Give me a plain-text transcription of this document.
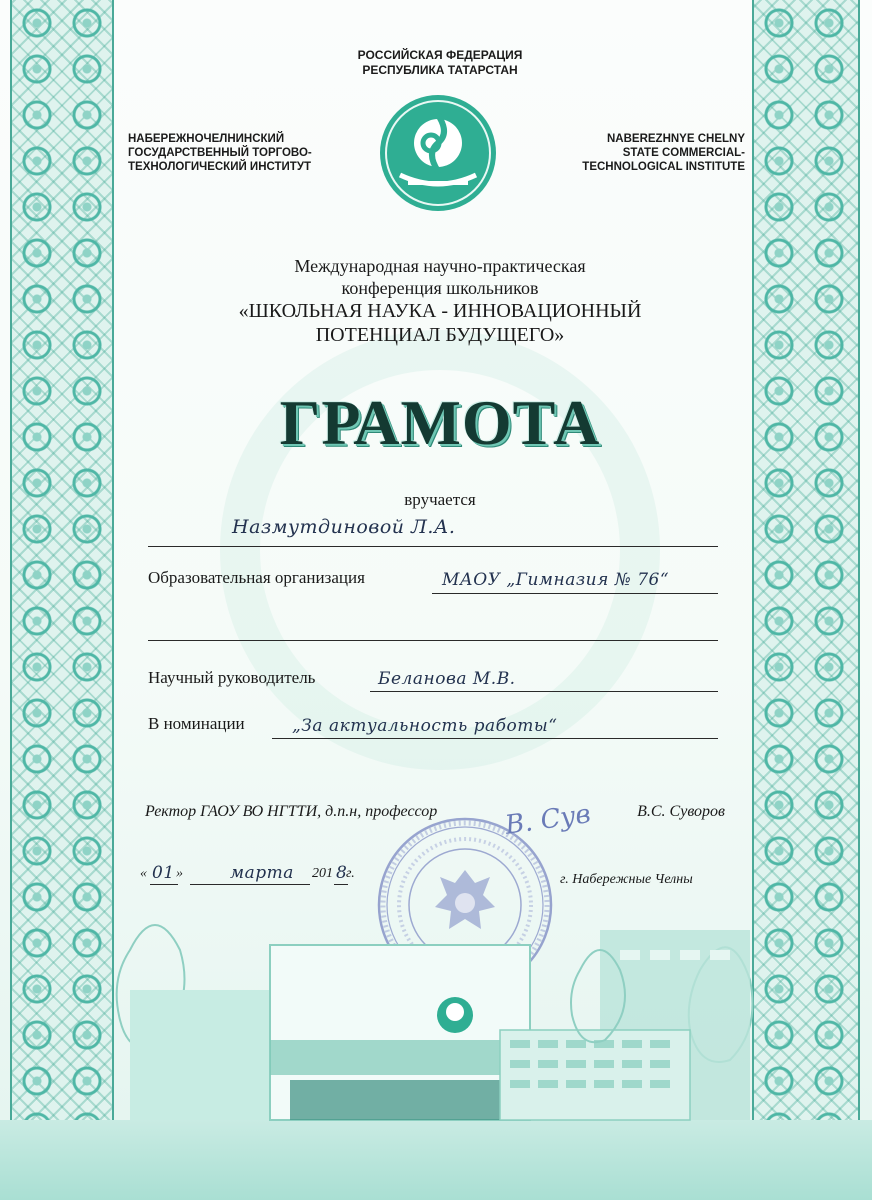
РОССИЙСКАЯ ФЕДЕРАЦИЯ
РЕСПУБЛИКА ТАТАРСТАН
НАБЕРЕЖНОЧЕЛНИНСКИЙ
ГОСУДАРСТВЕННЫЙ ТОРГОВО-
ТЕХНОЛОГИЧЕСКИЙ ИНСТИТУТ
NABEREZHNYE CHELNY
STATE COMMERCIAL-
TECHNOLOGICAL INSTITUTE
Международная научно-практическая
конференция школьников
«ШКОЛЬНАЯ НАУКА - ИННОВАЦИОННЫЙ
ПОТЕНЦИАЛ БУДУЩЕГО»
ГРАМОТА
вручается
Назмутдиновой Л.А.
Образовательная организация	МАОУ „Гимназия № 76“
Научный руководитель	Беланова М.В.
В номинации	„За актуальность работы“
Ректор ГАОУ ВО НГТТИ, д.п.н, профессор	В.С. Суворов
В. Сув
« 01 »	марта 201 8
г.	г. Набережные Челны
